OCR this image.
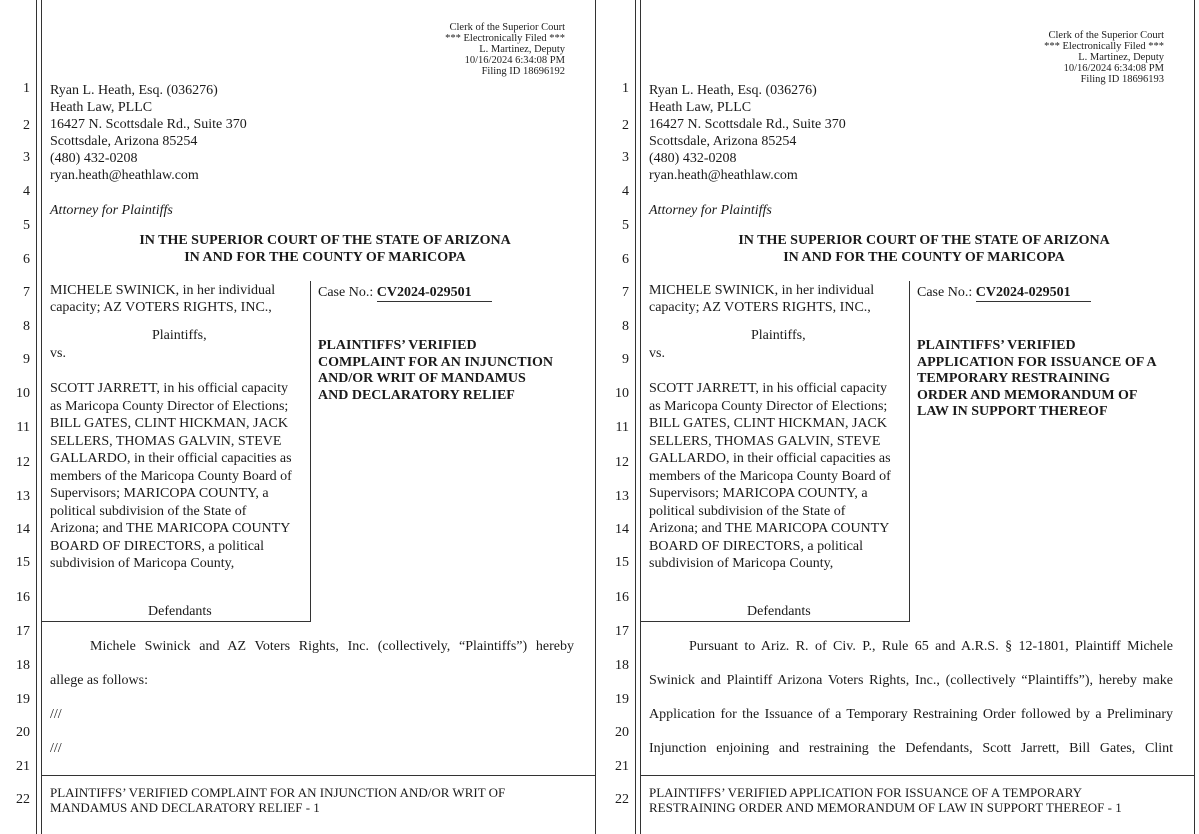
1
2
3
4
5
6
7
8
9
10
11
12
13
14
15
16
17
18
19
20
21
22
Clerk of the Superior Court
*** Electronically Filed ***
L. Martinez, Deputy
10/16/2024 6:34:08 PM
Filing ID 18696192
Ryan L. Heath, Esq. (036276)
Heath Law, PLLC
16427 N. Scottsdale Rd., Suite 370
Scottsdale, Arizona 85254
(480) 432-0208
ryan.heath@heathlaw.com
Attorney for Plaintiffs
IN THE SUPERIOR COURT OF THE STATE OF ARIZONA
IN AND FOR THE COUNTY OF MARICOPA
MICHELE SWINICK, in her individual
capacity; AZ VOTERS RIGHTS, INC.,
Plaintiffs,
vs.
SCOTT JARRETT, in his official capacity
as Maricopa County Director of Elections;
BILL GATES, CLINT HICKMAN, JACK
SELLERS, THOMAS GALVIN, STEVE
GALLARDO, in their official capacities as
members of the Maricopa County Board of
Supervisors; MARICOPA COUNTY, a
political subdivision of the State of
Arizona; and THE MARICOPA COUNTY
BOARD OF DIRECTORS, a political
subdivision of Maricopa County,
Defendants
Case No.: CV2024-029501
PLAINTIFFS’ VERIFIED
COMPLAINT FOR AN INJUNCTION
AND/OR WRIT OF MANDAMUS
AND DECLARATORY RELIEF
Michele Swinick and AZ Voters Rights, Inc. (collectively, “Plaintiffs”) hereby
allege as follows:
///
///
PLAINTIFFS’ VERIFIED COMPLAINT FOR AN INJUNCTION AND/OR WRIT OF
MANDAMUS AND DECLARATORY RELIEF - 1
1
2
3
4
5
6
7
8
9
10
11
12
13
14
15
16
17
18
19
20
21
22
Clerk of the Superior Court
*** Electronically Filed ***
L. Martinez, Deputy
10/16/2024 6:34:08 PM
Filing ID 18696193
Ryan L. Heath, Esq. (036276)
Heath Law, PLLC
16427 N. Scottsdale Rd., Suite 370
Scottsdale, Arizona 85254
(480) 432-0208
ryan.heath@heathlaw.com
Attorney for Plaintiffs
IN THE SUPERIOR COURT OF THE STATE OF ARIZONA
IN AND FOR THE COUNTY OF MARICOPA
MICHELE SWINICK, in her individual
capacity; AZ VOTERS RIGHTS, INC.,
Plaintiffs,
vs.
SCOTT JARRETT, in his official capacity
as Maricopa County Director of Elections;
BILL GATES, CLINT HICKMAN, JACK
SELLERS, THOMAS GALVIN, STEVE
GALLARDO, in their official capacities as
members of the Maricopa County Board of
Supervisors; MARICOPA COUNTY, a
political subdivision of the State of
Arizona; and THE MARICOPA COUNTY
BOARD OF DIRECTORS, a political
subdivision of Maricopa County,
Defendants
Case No.: CV2024-029501
PLAINTIFFS’ VERIFIED
APPLICATION FOR ISSUANCE OF A
TEMPORARY RESTRAINING
ORDER AND MEMORANDUM OF
LAW IN SUPPORT THEREOF
Pursuant to Ariz. R. of Civ. P., Rule 65 and A.R.S. § 12-1801, Plaintiff Michele
Swinick and Plaintiff Arizona Voters Rights, Inc., (collectively “Plaintiffs”), hereby make
Application for the Issuance of a Temporary Restraining Order followed by a Preliminary
Injunction enjoining and restraining the Defendants, Scott Jarrett, Bill Gates, Clint
PLAINTIFFS’ VERIFIED APPLICATION FOR ISSUANCE OF A TEMPORARY
RESTRAINING ORDER AND MEMORANDUM OF LAW IN SUPPORT THEREOF - 1
